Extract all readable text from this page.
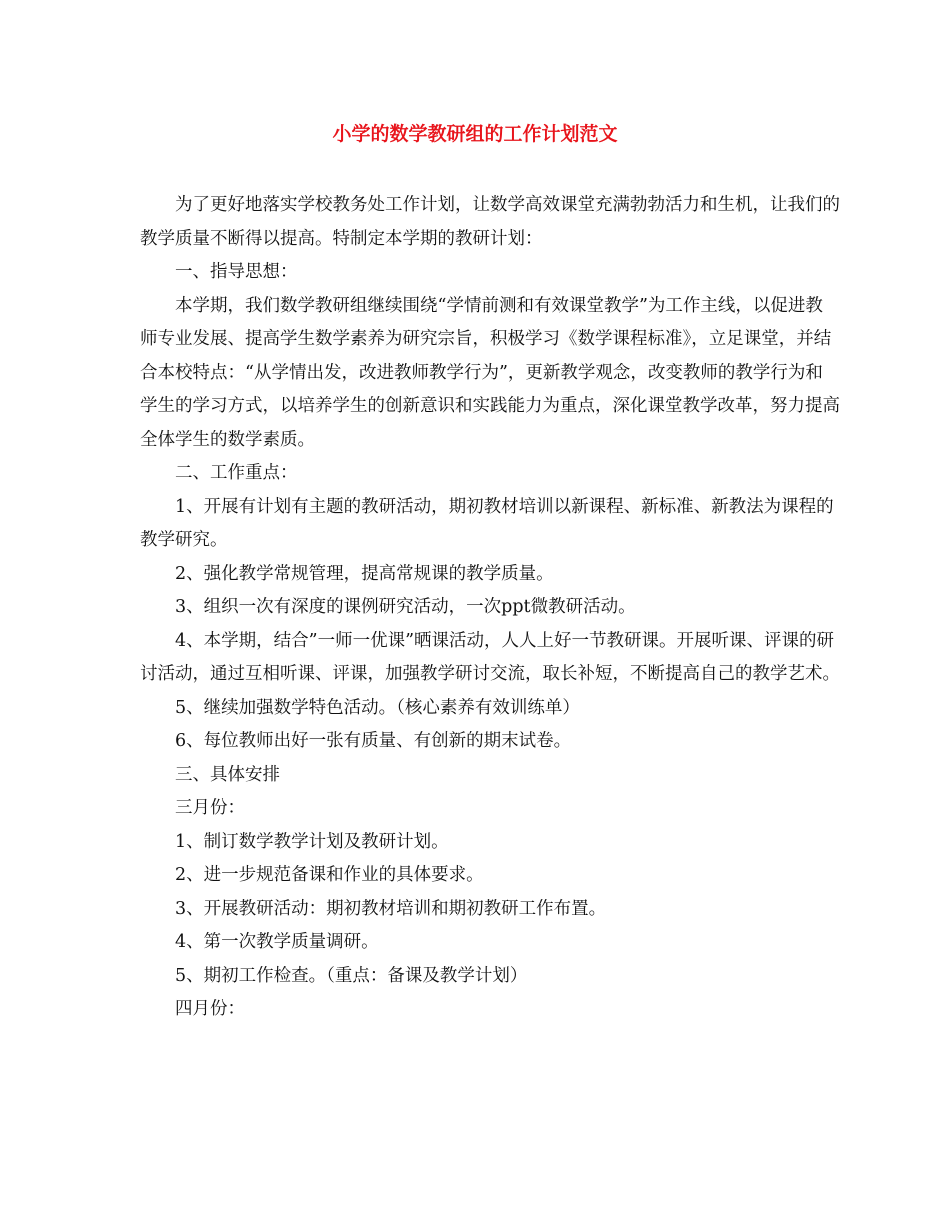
小学的数学教研组的工作计划范文

为了更好地落实学校教务处工作计划，让数学高效课堂充满勃勃活力和生机，让我们的教学质量不断得以提高。特制定本学期的教研计划：

一、指导思想：

本学期，我们数学教研组继续围绕“学情前测和有效课堂教学”为工作主线，以促进教师专业发展、提高学生数学素养为研究宗旨，积极学习《数学课程标准》，立足课堂，并结合本校特点：“从学情出发，改进教师教学行为”，更新教学观念，改变教师的教学行为和学生的学习方式，以培养学生的创新意识和实践能力为重点，深化课堂教学改革，努力提高全体学生的数学素质。

二、工作重点：

1、开展有计划有主题的教研活动，期初教材培训以新课程、新标准、新教法为课程的教学研究。

2、强化教学常规管理，提高常规课的教学质量。

3、组织一次有深度的课例研究活动，一次ppt微教研活动。

4、本学期，结合”一师一优课”晒课活动，人人上好一节教研课。开展听课、评课的研讨活动，通过互相听课、评课，加强教学研讨交流，取长补短，不断提高自己的教学艺术。

5、继续加强数学特色活动。（核心素养有效训练单）

6、每位教师出好一张有质量、有创新的期末试卷。

三、具体安排

三月份：

1、制订数学教学计划及教研计划。

2、进一步规范备课和作业的具体要求。

3、开展教研活动：期初教材培训和期初教研工作布置。

4、第一次教学质量调研。

5、期初工作检查。（重点：备课及教学计划）

四月份：
